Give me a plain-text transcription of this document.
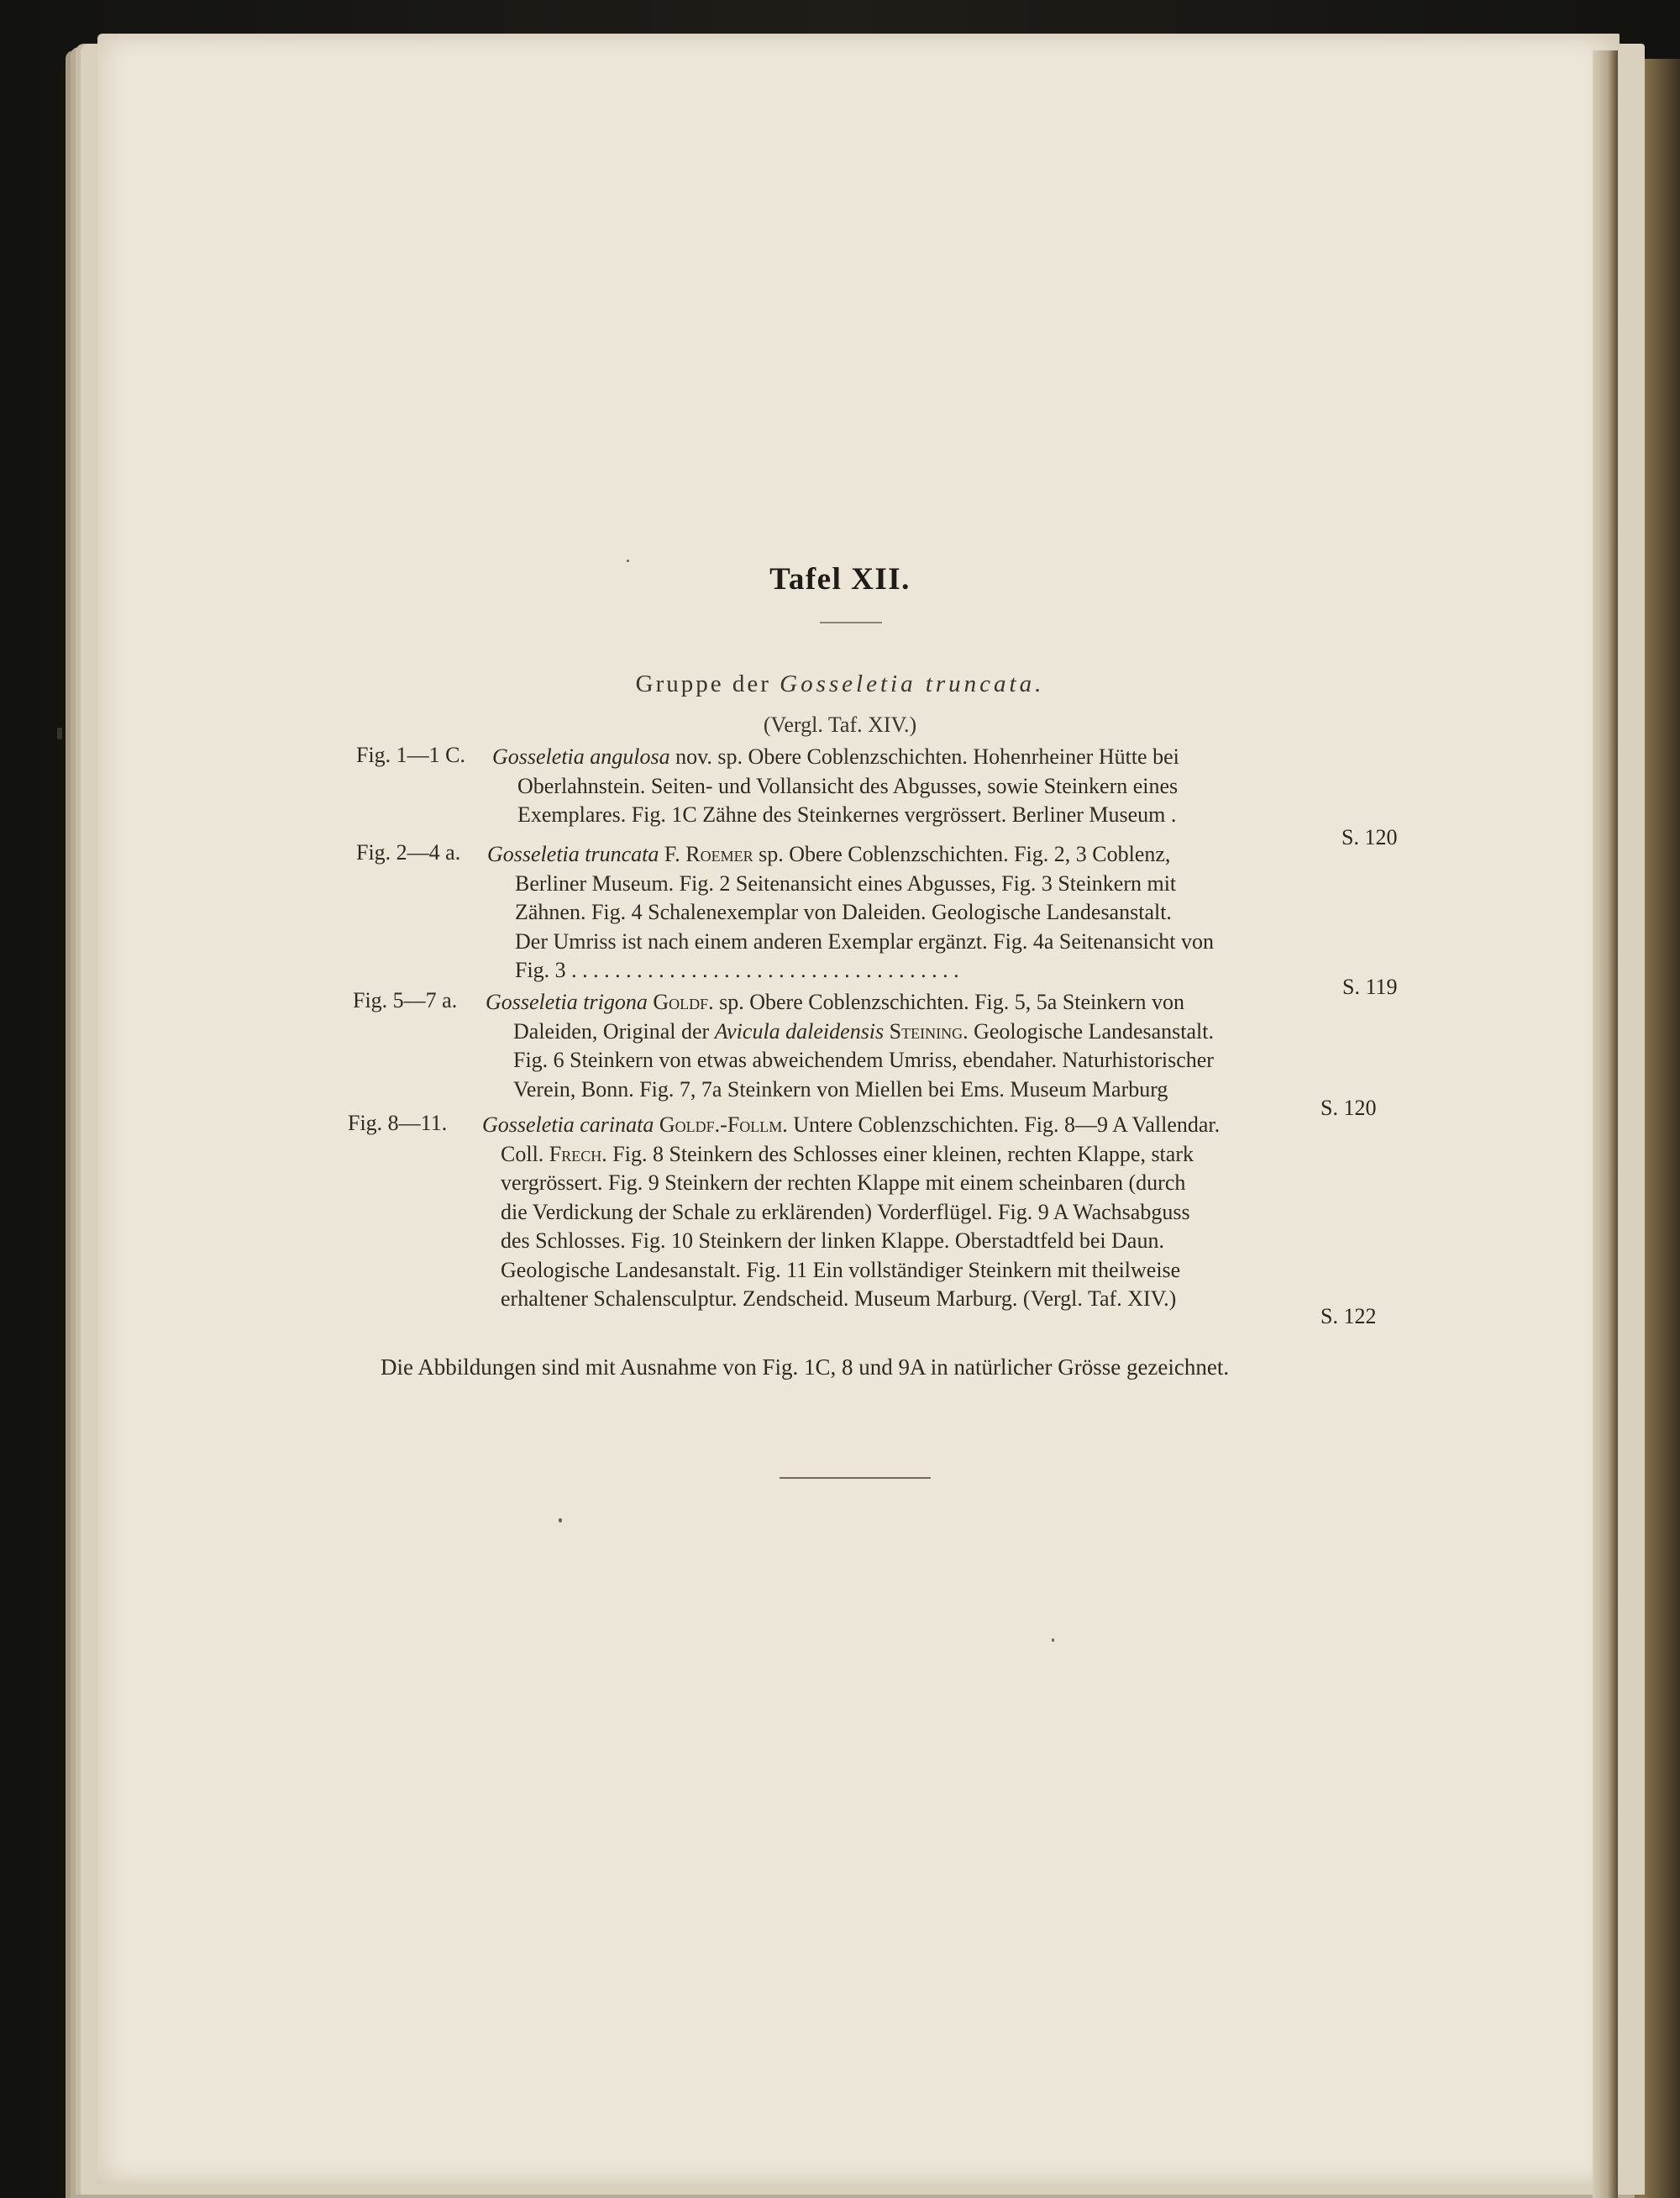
Tafel XII.
Gruppe der Gosseletia truncata.
(Vergl. Taf. XIV.)
Fig. 1—1 C. Gosseletia angulosa nov. sp. Obere Coblenzschichten. Hohenrheiner Hütte bei
Oberlahnstein. Seiten- und Vollansicht des Abgusses, sowie Steinkern eines
Exemplares. Fig. 1C Zähne des Steinkernes vergrössert. Berliner Museum .
S. 120
Fig. 2—4 a. Gosseletia truncata F. Roemer sp. Obere Coblenzschichten. Fig. 2, 3 Coblenz,
Berliner Museum. Fig. 2 Seitenansicht eines Abgusses, Fig. 3 Steinkern mit
Zähnen. Fig. 4 Schalenexemplar von Daleiden. Geologische Landesanstalt.
Der Umriss ist nach einem anderen Exemplar ergänzt. Fig. 4a Seitenansicht von
Fig. 3 . . . . . . . . . . . . . . . . . . . . . . . . . . . . . . . . . . . .
S. 119
Fig. 5—7 a. Gosseletia trigona Goldf. sp. Obere Coblenzschichten. Fig. 5, 5a Steinkern von
Daleiden, Original der Avicula daleidensis Steining. Geologische Landesanstalt.
Fig. 6 Steinkern von etwas abweichendem Umriss, ebendaher. Naturhistorischer
Verein, Bonn. Fig. 7, 7a Steinkern von Miellen bei Ems. Museum Marburg
S. 120
Fig. 8—11. Gosseletia carinata Goldf.-Follm. Untere Coblenzschichten. Fig. 8—9 A Vallendar.
Coll. Frech. Fig. 8 Steinkern des Schlosses einer kleinen, rechten Klappe, stark
vergrössert. Fig. 9 Steinkern der rechten Klappe mit einem scheinbaren (durch
die Verdickung der Schale zu erklärenden) Vorderflügel. Fig. 9 A Wachsabguss
des Schlosses. Fig. 10 Steinkern der linken Klappe. Oberstadtfeld bei Daun.
Geologische Landesanstalt. Fig. 11 Ein vollständiger Steinkern mit theilweise
erhaltener Schalensculptur. Zendscheid. Museum Marburg. (Vergl. Taf. XIV.)
S. 122
Die Abbildungen sind mit Ausnahme von Fig. 1C, 8 und 9A in natürlicher Grösse gezeichnet.
